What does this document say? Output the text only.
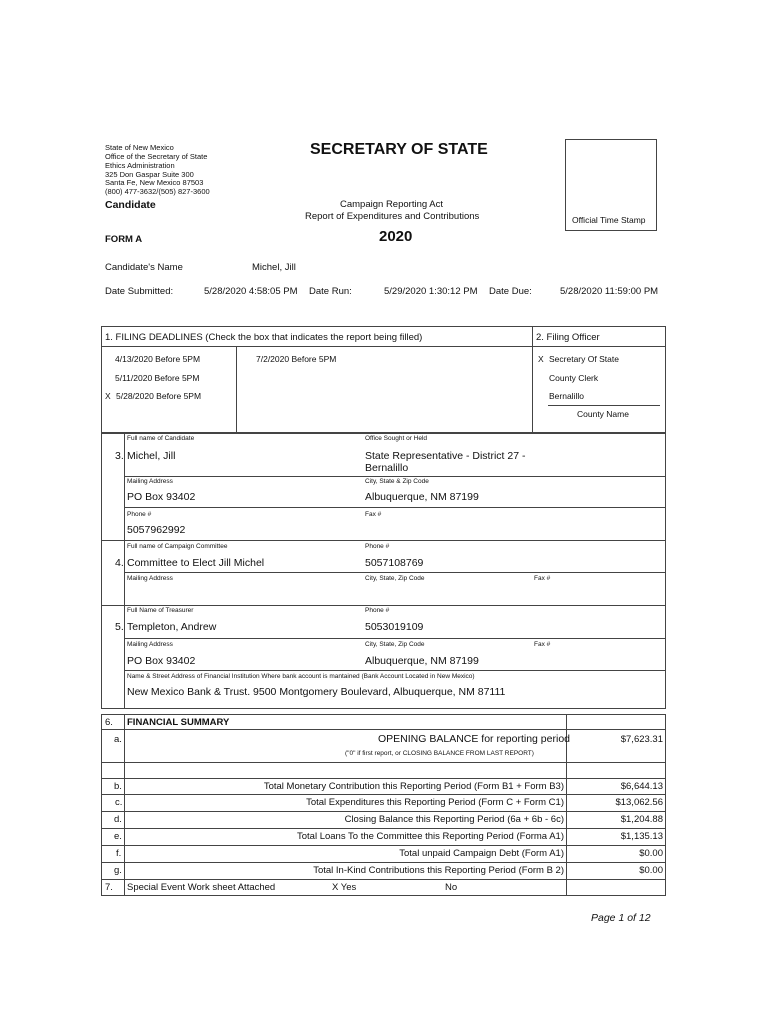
State of New Mexico
Office of the Secretary of State
Ethics Administration
325 Don Gaspar Suite 300
Santa Fe, New Mexico 87503
(800) 477-3632/(505) 827-3600
SECRETARY OF STATE
Candidate	Campaign Reporting Act
Report of Expenditures and Contributions
2020
FORM A
Official Time Stamp
Candidate's Name	Michel, Jill
Date Submitted:	5/28/2020 4:58:05 PM Date Run:	5/29/2020 1:30:12 PM Date Due:	5/28/2020 11:59:00 PM
1. FILING DEADLINES (Check the box that indicates the report being filled)	2. Filing Officer
4/13/2020 Before 5PM	7/2/2020 Before 5PM
5/11/2020 Before 5PM
X 5/28/2020 Before 5PM
X Secretary Of State
County Clerk
Bernalillo
County Name
Full name of Candidate	Office Sought or Held
3. Michel, Jill	State Representative - District 27 -
Bernalillo
Mailing Address	City, State & Zip Code
PO Box 93402	Albuquerque, NM 87199
Phone #	Fax #
5057962992
Full name of Campaign Committee	Phone #
4. Committee to Elect Jill Michel	5057108769
Mailing Address	City, State, Zip Code	Fax #
Full Name of Treasurer	Phone #
5. Templeton, Andrew	5053019109
Mailing Address	City, State, Zip Code	Fax #
PO Box 93402	Albuquerque, NM 87199
Name & Street Address of Financial Institution Where bank account is mantained (Bank Account Located in New Mexico)
New Mexico Bank & Trust. 9500 Montgomery Boulevard, Albuquerque, NM 87111
6. FINANCIAL SUMMARY
a.	OPENING BALANCE for reporting period	$7,623.31
("0" if first report, or CLOSING BALANCE FROM LAST REPORT)
b.	Total Monetary Contribution this Reporting Period (Form B1 + Form B3)	$6,644.13
c.	Total Expenditures this Reporting Period (Form C + Form C1)	$13,062.56
d.	Closing Balance this Reporting Period (6a + 6b - 6c)	$1,204.88
e.	Total Loans To the Committee this Reporting Period (Forma A1)	$1,135.13
f.	Total unpaid Campaign Debt (Form A1)	$0.00
g.	Total In-Kind Contributions this Reporting Period (Form B 2)	$0.00
7. Special Event Work sheet Attached	X Yes	No
Page 1 of 12
